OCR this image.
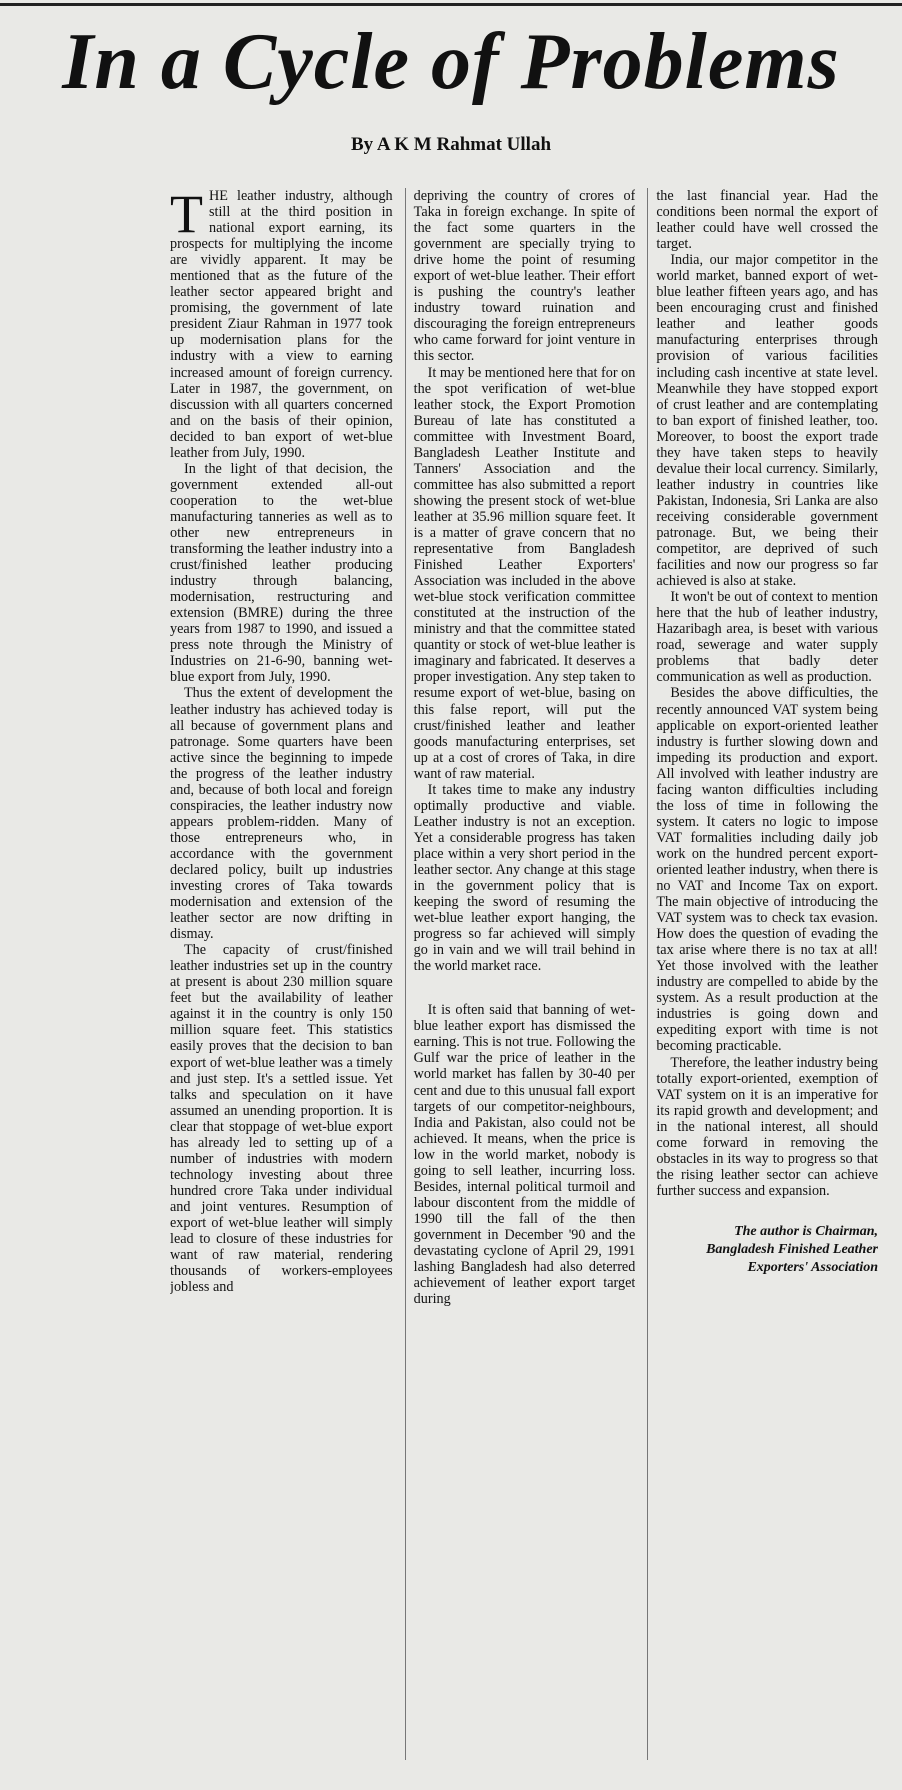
In a Cycle of Problems
By A K M Rahmat Ullah

THE leather industry, although still at the third position in national export earning, its prospects for multiplying the income are vividly apparent. It may be mentioned that as the future of the leather sector appeared bright and promising, the government of late president Ziaur Rahman in 1977 took up modernisation plans for the industry with a view to earning increased amount of foreign currency. Later in 1987, the government, on discussion with all quarters concerned and on the basis of their opinion, decided to ban export of wet-blue leather from July, 1990.

In the light of that decision, the government extended all-out cooperation to the wet-blue manufacturing tanneries as well as to other new entrepreneurs in transforming the leather industry into a crust/finished leather producing industry through balancing, modernisation, restructuring and extension (BMRE) during the three years from 1987 to 1990, and issued a press note through the Ministry of Industries on 21-6-90, banning wet-blue export from July, 1990.

Thus the extent of development the leather industry has achieved today is all because of government plans and patronage. Some quarters have been active since the beginning to impede the progress of the leather industry and, because of both local and foreign conspiracies, the leather industry now appears problem-ridden. Many of those entrepreneurs who, in accordance with the government declared policy, built up industries investing crores of Taka towards modernisation and extension of the leather sector are now drifting in dismay.

The capacity of crust/finished leather industries set up in the country at present is about 230 million square feet but the availability of leather against it in the country is only 150 million square feet. This statistics easily proves that the decision to ban export of wet-blue leather was a timely and just step. It's a settled issue. Yet talks and speculation on it have assumed an unending proportion. It is clear that stoppage of wet-blue export has already led to setting up of a number of industries with modern technology investing about three hundred crore Taka under individual and joint ventures. Resumption of export of wet-blue leather will simply lead to closure of these industries for want of raw material, rendering thousands of workers-employees jobless and

depriving the country of crores of Taka in foreign exchange. In spite of the fact some quarters in the government are specially trying to drive home the point of resuming export of wet-blue leather. Their effort is pushing the country's leather industry toward ruination and discouraging the foreign entrepreneurs who came forward for joint venture in this sector.

It may be mentioned here that for on the spot verification of wet-blue leather stock, the Export Promotion Bureau of late has constituted a committee with Investment Board, Bangladesh Leather Institute and Tanners' Association and the committee has also submitted a report showing the present stock of wet-blue leather at 35.96 million square feet. It is a matter of grave concern that no representative from Bangladesh Finished Leather Exporters' Association was included in the above wet-blue stock verification committee constituted at the instruction of the ministry and that the committee stated quantity or stock of wet-blue leather is imaginary and fabricated. It deserves a proper investigation. Any step taken to resume export of wet-blue, basing on this false report, will put the crust/finished leather and leather goods manufacturing enterprises, set up at a cost of crores of Taka, in dire want of raw material.

It takes time to make any industry optimally productive and viable. Leather industry is not an exception. Yet a considerable progress has taken place within a very short period in the leather sector. Any change at this stage in the government policy that is keeping the sword of resuming the wet-blue leather export hanging, the progress so far achieved will simply go in vain and we will trail behind in the world market race.

It is often said that banning of wet-blue leather export has dismissed the earning. This is not true. Following the Gulf war the price of leather in the world market has fallen by 30-40 per cent and due to this unusual fall export targets of our competitor-neighbours, India and Pakistan, also could not be achieved. It means, when the price is low in the world market, nobody is going to sell leather, incurring loss. Besides, internal political turmoil and labour discontent from the middle of 1990 till the fall of the then government in December '90 and the devastating cyclone of April 29, 1991 lashing Bangladesh had also deterred achievement of leather export target during

the last financial year. Had the conditions been normal the export of leather could have well crossed the target.

India, our major competitor in the world market, banned export of wet-blue leather fifteen years ago, and has been encouraging crust and finished leather and leather goods manufacturing enterprises through provision of various facilities including cash incentive at state level. Meanwhile they have stopped export of crust leather and are contemplating to ban export of finished leather, too. Moreover, to boost the export trade they have taken steps to heavily devalue their local currency. Similarly, leather industry in countries like Pakistan, Indonesia, Sri Lanka are also receiving considerable government patronage. But, we being their competitor, are deprived of such facilities and now our progress so far achieved is also at stake.

It won't be out of context to mention here that the hub of leather industry, Hazaribagh area, is beset with various road, sewerage and water supply problems that badly deter communication as well as production.

Besides the above difficulties, the recently announced VAT system being applicable on export-oriented leather industry is further slowing down and impeding its production and export. All involved with leather industry are facing wanton difficulties including the loss of time in following the system. It caters no logic to impose VAT formalities including daily job work on the hundred percent export-oriented leather industry, when there is no VAT and Income Tax on export. The main objective of introducing the VAT system was to check tax evasion. How does the question of evading the tax arise where there is no tax at all! Yet those involved with the leather industry are compelled to abide by the system. As a result production at the industries is going down and expediting export with time is not becoming practicable.

Therefore, the leather industry being totally export-oriented, exemption of VAT system on it is an imperative for its rapid growth and development; and in the national interest, all should come forward in removing the obstacles in its way to progress so that the rising leather sector can achieve further success and expansion.

The author is Chairman,
Bangladesh Finished Leather
Exporters' Association
